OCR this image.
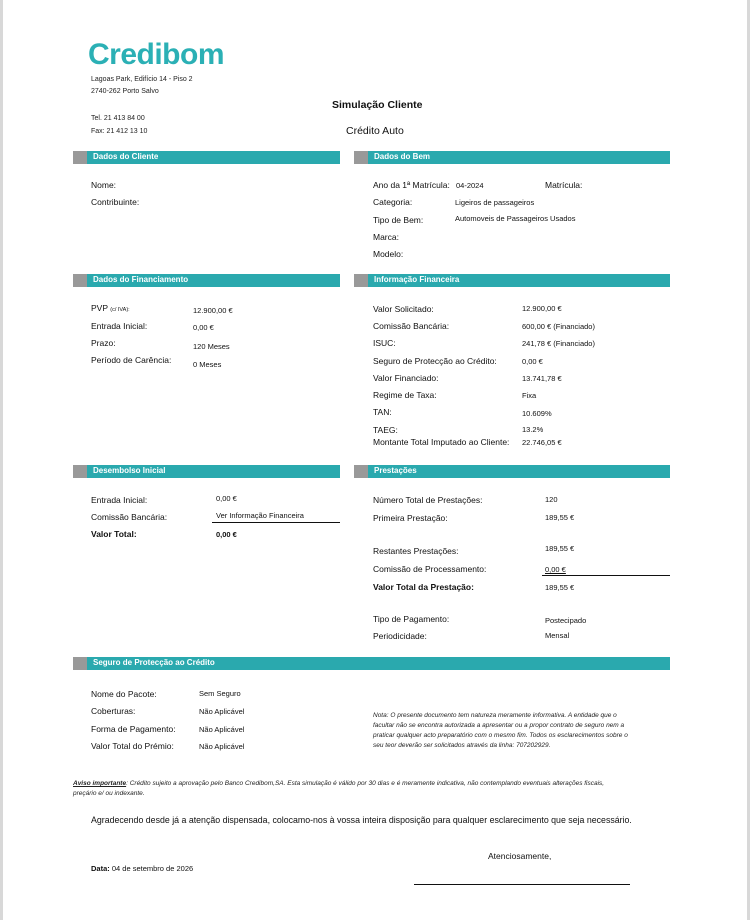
Credibom
Lagoas Park, Edifício 14 - Piso 2
2740-262 Porto Salvo
Tel. 21 413 84 00
Fax: 21 412 13 10
Simulação Cliente
Crédito Auto
Dados do Cliente	Dados do Bem
Nome:
Contribuinte:
Ano da 1ª Matrícula: 04-2024	Matrícula:
Categoria:	Ligeiros de passageiros
Tipo de Bem:	Automoveis de Passageiros Usados
Marca:
Modelo:
Dados do Financiamento	Informação Financeira
PVP (c/ IVA):	12.900,00 €
Entrada Inicial:	0,00 €
Prazo:	120 Meses
Período de Carência:	0 Meses
Valor Solicitado:	12.900,00 €
Comissão Bancária:	600,00 € (Financiado)
ISUC:	241,78 € (Financiado)
Seguro de Protecção ao Crédito:	0,00 €
Valor Financiado:	13.741,78 €
Regime de Taxa:	Fixa
TAN:	10.609%
TAEG:	13.2%
Montante Total Imputado ao Cliente: 22.746,05 €
Desembolso Inicial	Prestações
Entrada Inicial:	0,00 €
Comissão Bancária:	Ver Informação Financeira
Valor Total:	0,00 €
Número Total de Prestações:	120
Primeira Prestação:	189,55 €
Restantes Prestações:	189,55 €
Comissão de Processamento:	0,00 €
Valor Total da Prestação:	189,55 €
Tipo de Pagamento:	Postecipado
Periodicidade:	Mensal
Seguro de Protecção ao Crédito
Nome do Pacote:	Sem Seguro
Coberturas:	Não Aplicável
Forma de Pagamento:	Não Aplicável
Valor Total do Prémio:	Não Aplicável
Nota: O presente documento tem natureza meramente informativa. A entidade que o
facultar não se encontra autorizada a apresentar ou a propor contrato de seguro nem a
praticar qualquer acto preparatório com o mesmo fim. Todos os esclarecimentos sobre o
seu teor deverão ser solicitados através da linha: 707202929.
Aviso importante: Crédito sujeito a aprovação pelo Banco Credibom,SA. Esta simulação é válido por 30 dias e é meramente indicativa, não contemplando eventuais alterações fiscais,
preçário e/ ou indexante.
Agradecendo desde já a atenção dispensada, colocamo-nos à vossa inteira disposição para qualquer esclarecimento que seja necessário.
Atenciosamente,
Data: 04 de setembro de 2026
